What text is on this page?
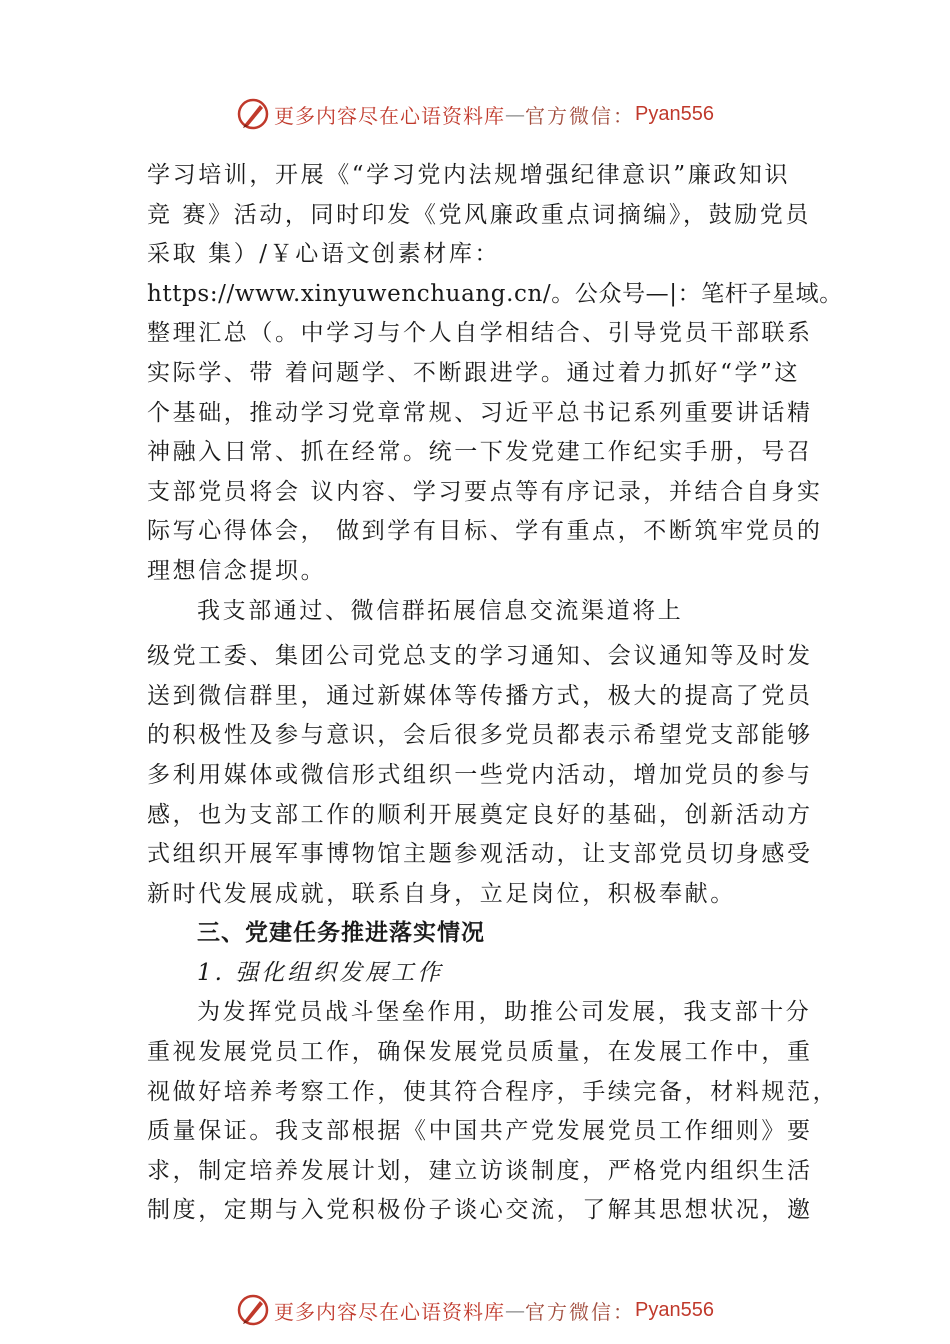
更多内容尽在心语资料库 — 官方微信： Pyan556
学习培训，开展《“学习党内法规增强纪律意识”廉政知识
竞 赛》活动，同时印发《党风廉政重点词摘编》，鼓励党员
采取 集）/￥心语文创素材库：
https://www.xinyuwenchuang.cn/。公众号—|：笔杆子星域。
整理汇总（。中学习与个人自学相结合、引导党员干部联系
实际学、带 着问题学、不断跟进学。通过着力抓好“学”这
个基础，推动学习党章常规、习近平总书记系列重要讲话精
神融入日常、抓在经常。统一下发党建工作纪实手册，号召
支部党员将会 议内容、学习要点等有序记录，并结合自身实
际写心得体会， 做到学有目标、学有重点，不断筑牢党员的
理想信念提坝。
我支部通过、微信群拓展信息交流渠道将上
级党工委、集团公司党总支的学习通知、会议通知等及时发
送到微信群里，通过新媒体等传播方式，极大的提高了党员
的积极性及参与意识，会后很多党员都表示希望党支部能够
多利用媒体或微信形式组织一些党内活动，增加党员的参与
感，也为支部工作的顺利开展奠定良好的基础，创新活动方
式组织开展军事博物馆主题参观活动，让支部党员切身感受
新时代发展成就，联系自身，立足岗位，积极奉献。
三、党建任务推进落实情况
1. 强化组织发展工作
为发挥党员战斗堡垒作用，助推公司发展，我支部十分
重视发展党员工作，确保发展党员质量，在发展工作中，重
视做好培养考察工作，使其符合程序，手续完备，材料规范，
质量保证。我支部根据《中国共产党发展党员工作细则》要
求，制定培养发展计划，建立访谈制度，严格党内组织生活
制度，定期与入党积极份子谈心交流，了解其思想状况，邀
更多内容尽在心语资料库 — 官方微信： Pyan556
